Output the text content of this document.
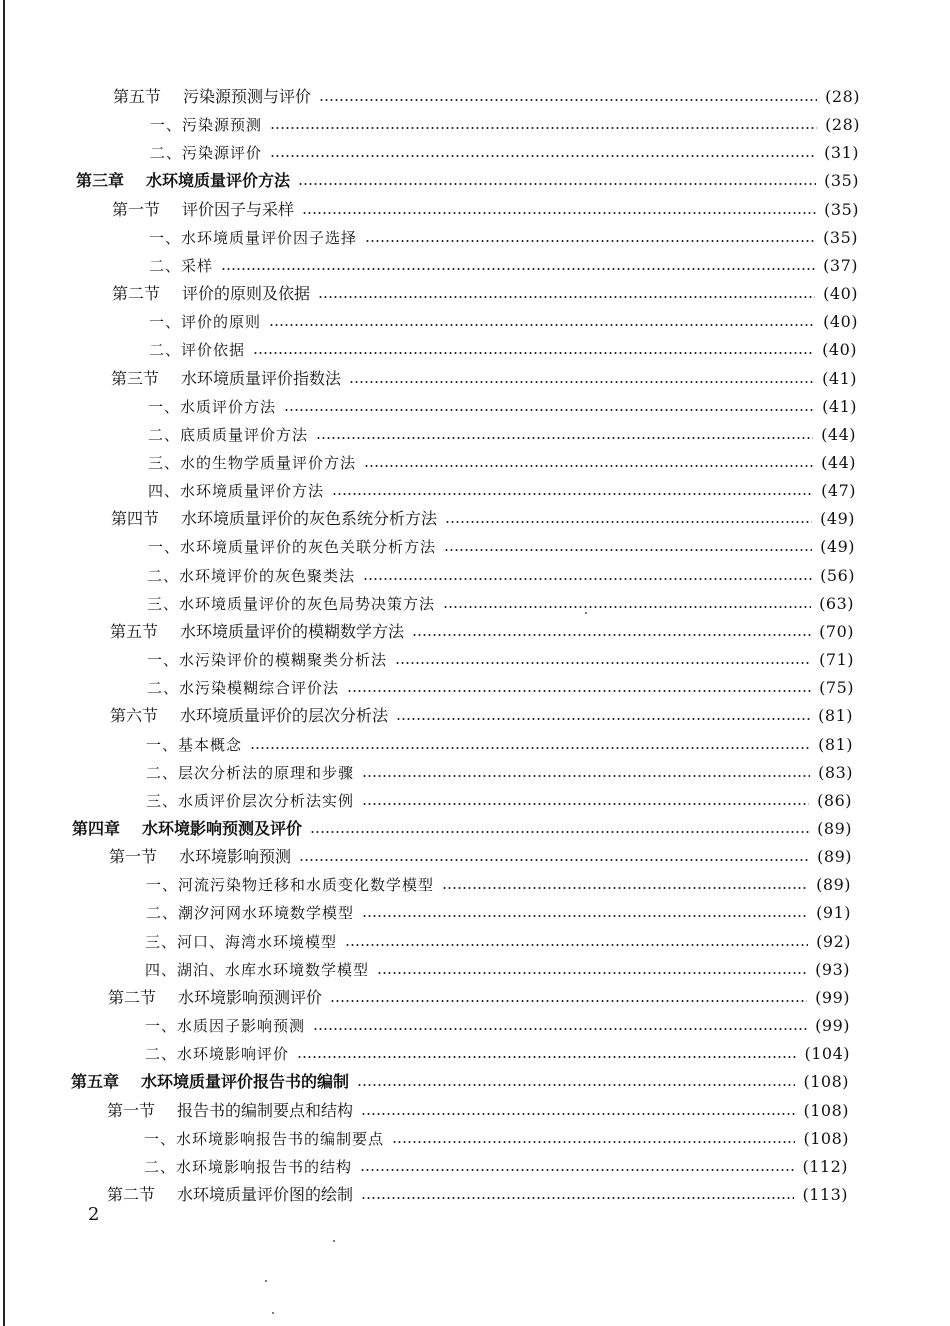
第五节 污染源预测与评价	(28)
一、污染源预测	(28)
二、污染源评价	(31)
第三章 水环境质量评价方法	(35)
第一节 评价因子与采样	(35)
一、水环境质量评价因子选择	(35)
二、采样	(37)
第二节 评价的原则及依据	(40)
一、评价的原则	(40)
二、评价依据	(40)
第三节 水环境质量评价指数法	(41)
一、水质评价方法	(41)
二、底质质量评价方法	(44)
三、水的生物学质量评价方法	(44)
四、水环境质量评价方法	(47)
第四节 水环境质量评价的灰色系统分析方法	(49)
一、水环境质量评价的灰色关联分析方法	(49)
二、水环境评价的灰色聚类法	(56)
三、水环境质量评价的灰色局势决策方法	(63)
第五节 水环境质量评价的模糊数学方法	(70)
一、水污染评价的模糊聚类分析法	(71)
二、水污染模糊综合评价法	(75)
第六节 水环境质量评价的层次分析法	(81)
一、基本概念	(81)
二、层次分析法的原理和步骤	(83)
三、水质评价层次分析法实例	(86)
第四章 水环境影响预测及评价	(89)
第一节 水环境影响预测	(89)
一、河流污染物迁移和水质变化数学模型	(89)
二、潮汐河网水环境数学模型	(91)
三、河口、海湾水环境模型	(92)
四、湖泊、水库水环境数学模型	(93)
第二节 水环境影响预测评价	(99)
一、水质因子影响预测	(99)
二、水环境影响评价	(104)
第五章 水环境质量评价报告书的编制	(108)
第一节 报告书的编制要点和结构	(108)
一、水环境影响报告书的编制要点	(108)
二、水环境影响报告书的结构	(112)
第二节 水环境质量评价图的绘制	(113)
2
